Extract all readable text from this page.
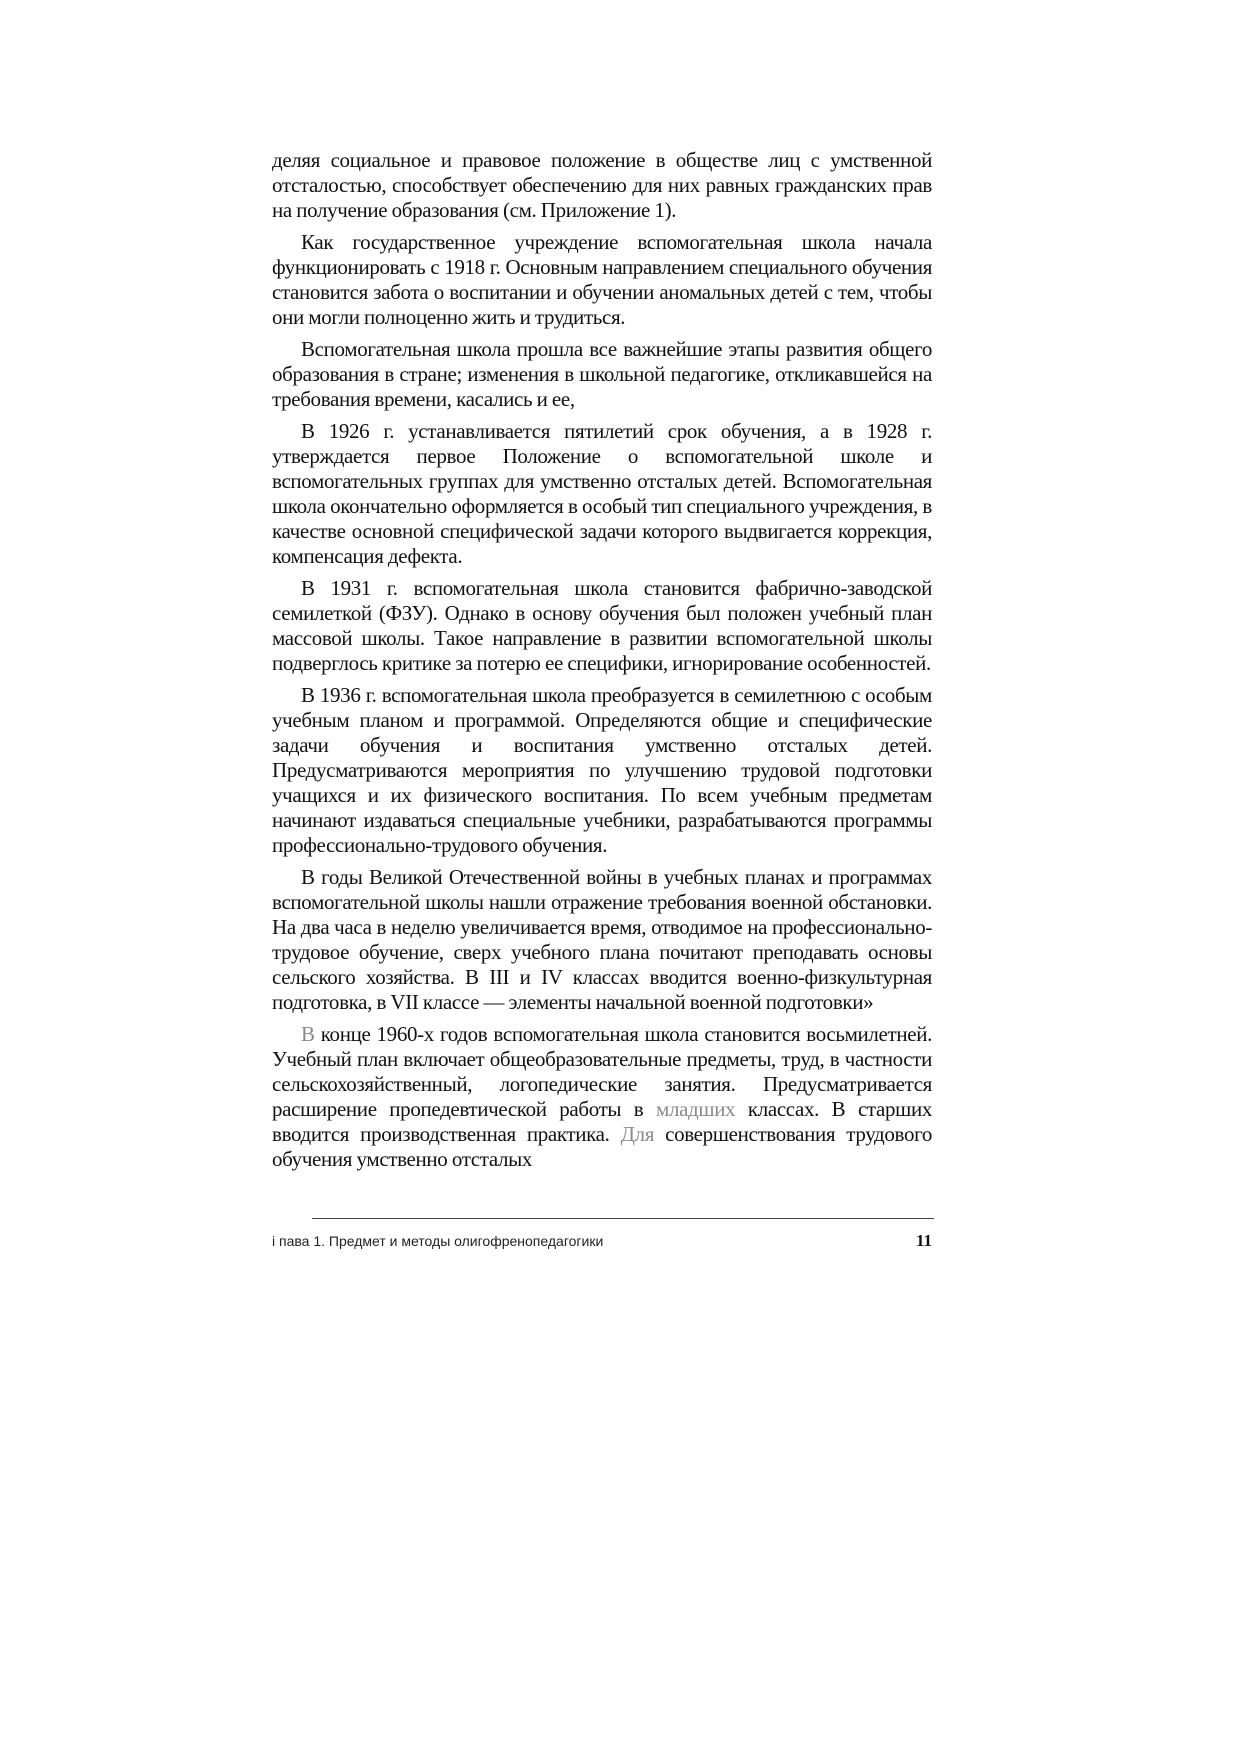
деляя социальное и правовое положение в обществе лиц с умственной отсталостью, способствует обеспечению для них равных гражданских прав на получение образования (см. Приложение 1).

Как государственное учреждение вспомогательная школа начала функционировать с 1918 г. Основным направлением специального обучения становится забота о воспитании и обучении аномальных детей с тем, чтобы они могли полноценно жить и трудиться.

Вспомогательная школа прошла все важнейшие этапы развития общего образования в стране; изменения в школьной педагогике, откликавшейся на требования времени, касались и ее,

В 1926 г. устанавливается пятилетий срок обучения, а в 1928 г. утверждается первое Положение о вспомогательной школе и вспомогательных группах для умственно отсталых детей. Вспомогательная школа окончательно оформляется в особый тип специального учреждения, в качестве основной специфической задачи которого выдвигается коррекция, компенсация дефекта.

В 1931 г. вспомогательная школа становится фабрично-заводской семилеткой (ФЗУ). Однако в основу обучения был положен учебный план массовой школы. Такое направление в развитии вспомогательной школы подверглось критике за потерю ее специфики, игнорирование особенностей.

В 1936 г. вспомогательная школа преобразуется в семилетнюю с особым учебным планом и программой. Определяются общие и специфические задачи обучения и воспитания умственно отсталых детей. Предусматриваются мероприятия по улучшению трудовой подготовки учащихся и их физического воспитания. По всем учебным предметам начинают издаваться специальные учебники, разрабатываются программы профессионально-трудового обучения.

В годы Великой Отечественной войны в учебных планах и программах вспомогательной школы нашли отражение требования военной обстановки. На два часа в неделю увеличивается время, отводимое на профессионально-трудовое обучение, сверх учебного плана почитают преподавать основы сельского хозяйства. В III и IV классах вводится военно-физкультурная подготовка, в VII классе — элементы начальной военной подготовки»

В конце 1960-х годов вспомогательная школа становится восьмилетней. Учебный план включает общеобразовательные предметы, труд, в частности сельскохозяйственный, логопедические занятия. Предусматривается расширение пропедевтической работы в младших классах. В старших вводится производственная практика. Для совершенствования трудового обучения умственно отсталых

i пава 1. Предмет и методы олигофренопедагогики	11
